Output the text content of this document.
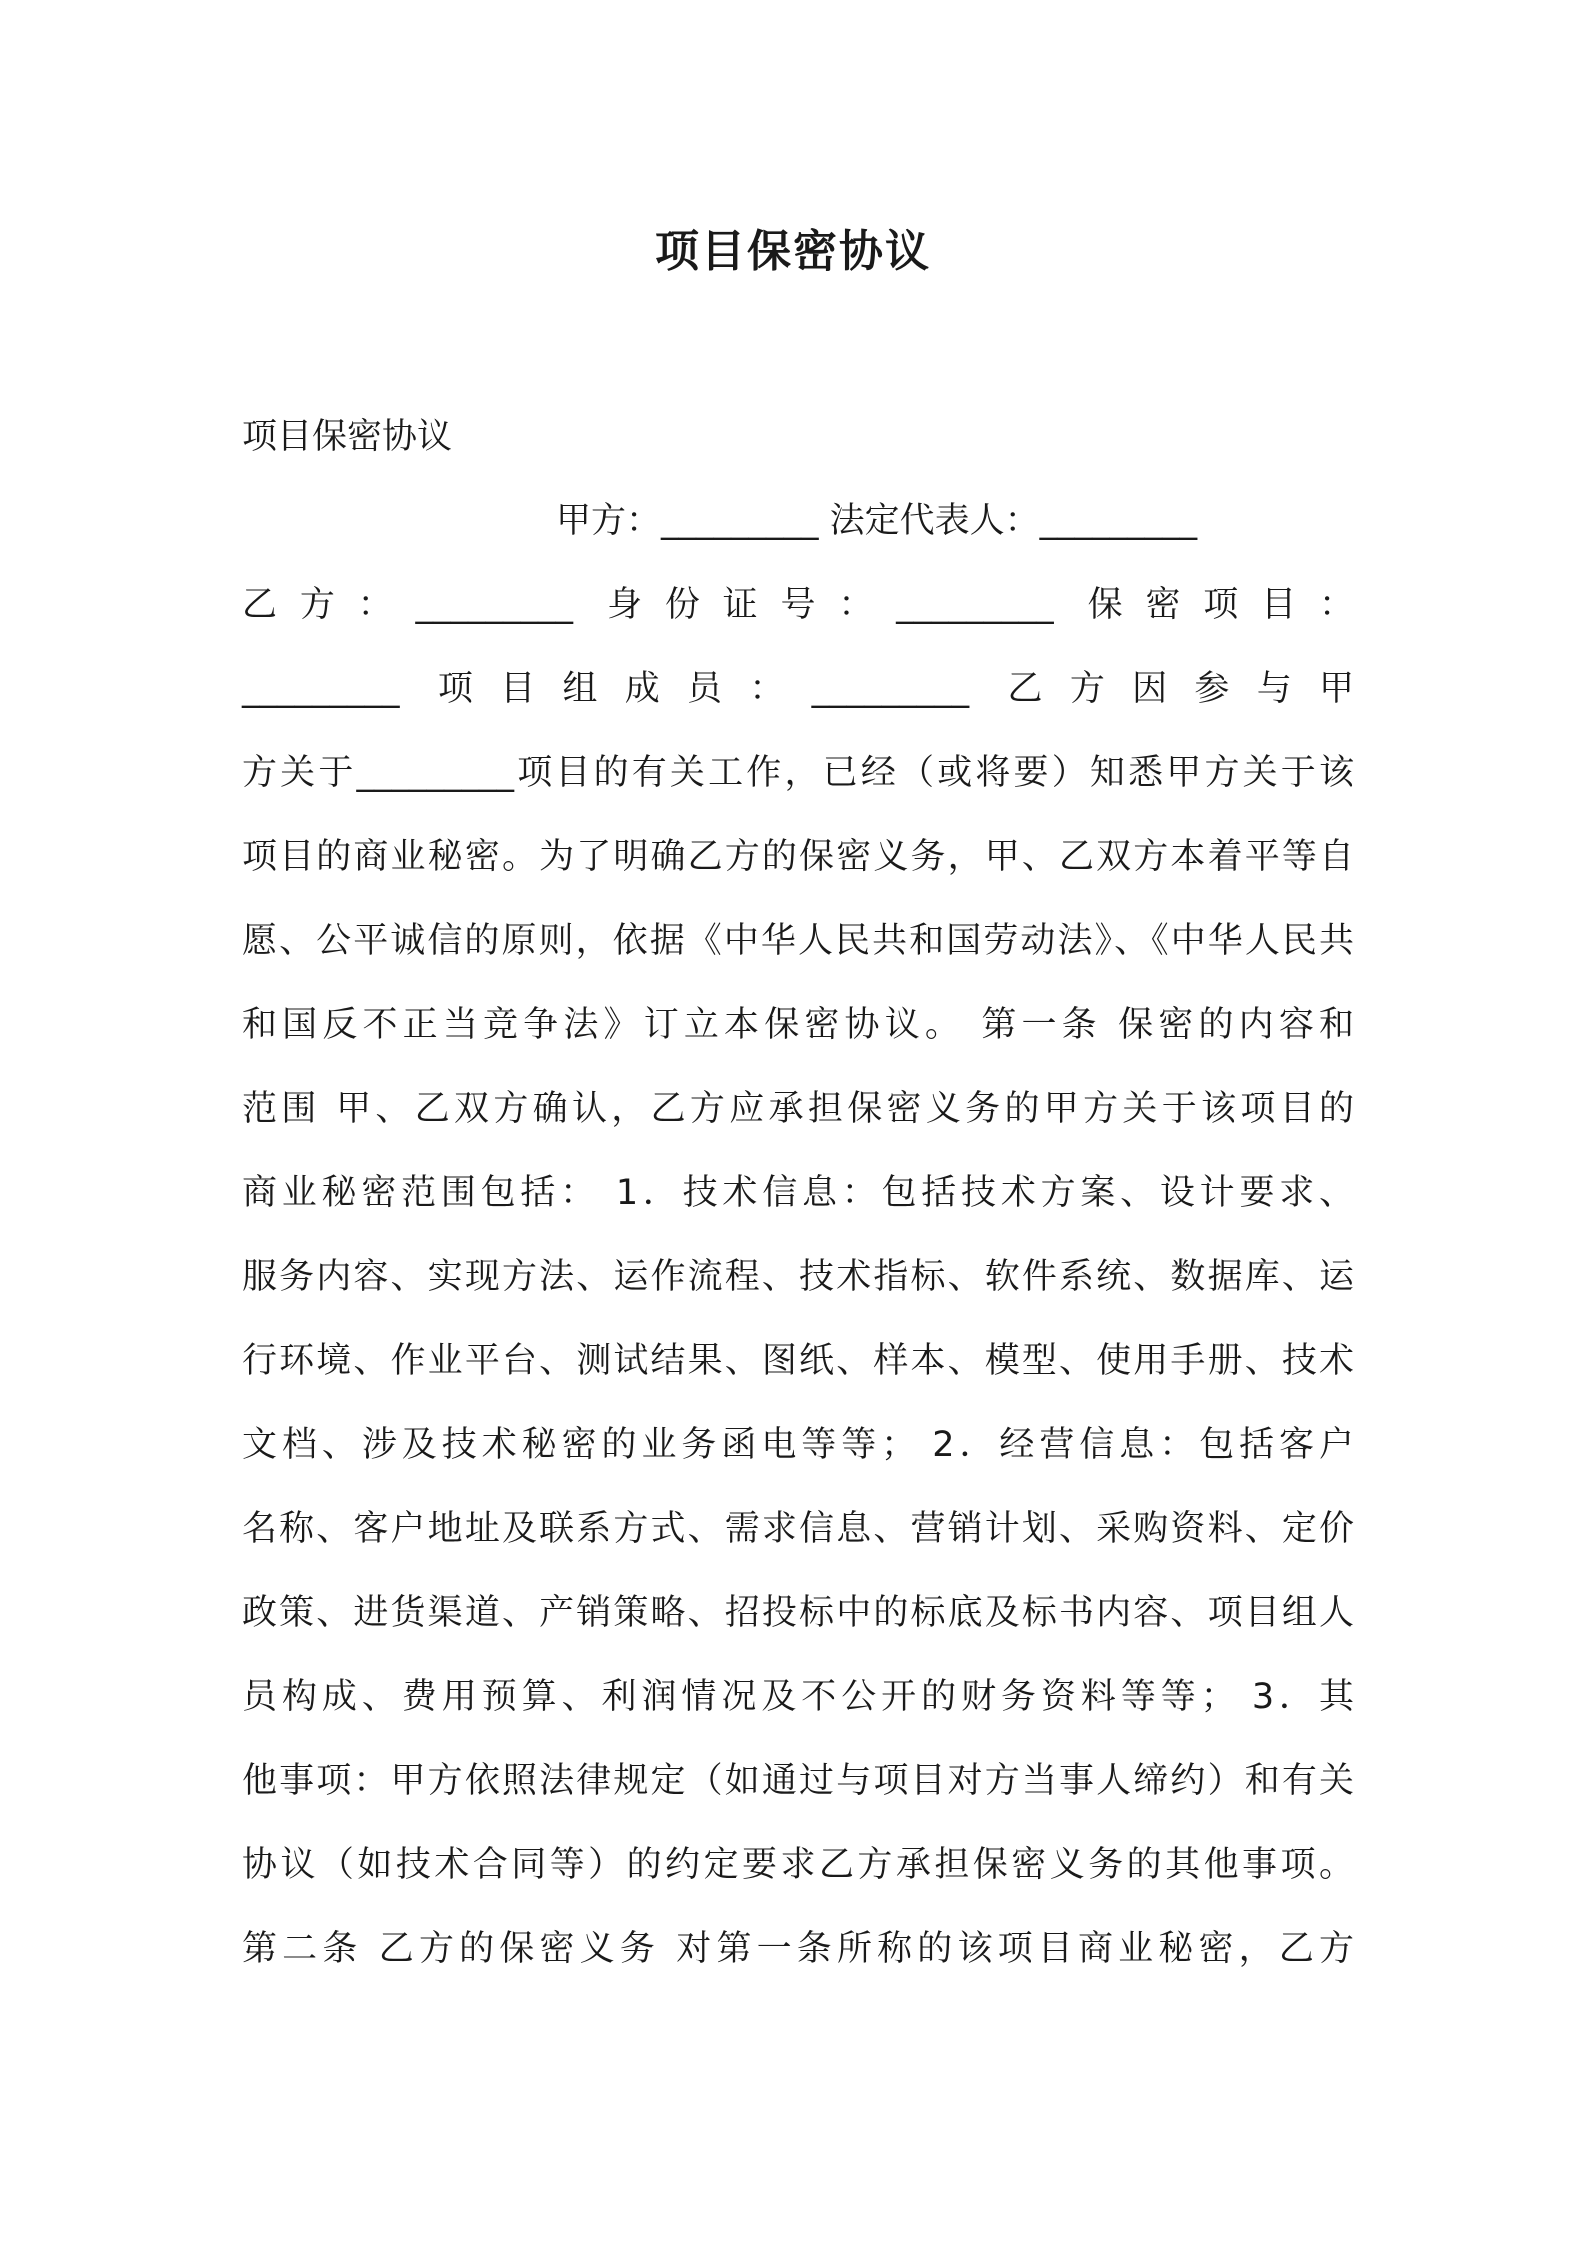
项目保密协议
项目保密协议
甲方：_________ 法定代表人：_________
乙方：_________ 身份证号：_________ 保密项目：
_________ 项目组成员：_________ 乙方因参与甲
方关于_________项目的有关工作，已经（或将要）知悉甲方关于该
项目的商业秘密。为了明确乙方的保密义务，甲、乙双方本着平等自
愿、公平诚信的原则，依据《中华人民共和国劳动法》、《中华人民共
和国反不正当竞争法》订立本保密协议。 第一条 保密的内容和
范围 甲、乙双方确认，乙方应承担保密义务的甲方关于该项目的
商业秘密范围包括： 1．技术信息：包括技术方案、设计要求、
服务内容、实现方法、运作流程、技术指标、软件系统、数据库、运
行环境、作业平台、测试结果、图纸、样本、模型、使用手册、技术
文档、涉及技术秘密的业务函电等等； 2．经营信息：包括客户
名称、客户地址及联系方式、需求信息、营销计划、采购资料、定价
政策、进货渠道、产销策略、招投标中的标底及标书内容、项目组人
员构成、费用预算、利润情况及不公开的财务资料等等； 3．其
他事项：甲方依照法律规定（如通过与项目对方当事人缔约）和有关
协议（如技术合同等）的约定要求乙方承担保密义务的其他事项。
第二条 乙方的保密义务 对第一条所称的该项目商业秘密，乙方
